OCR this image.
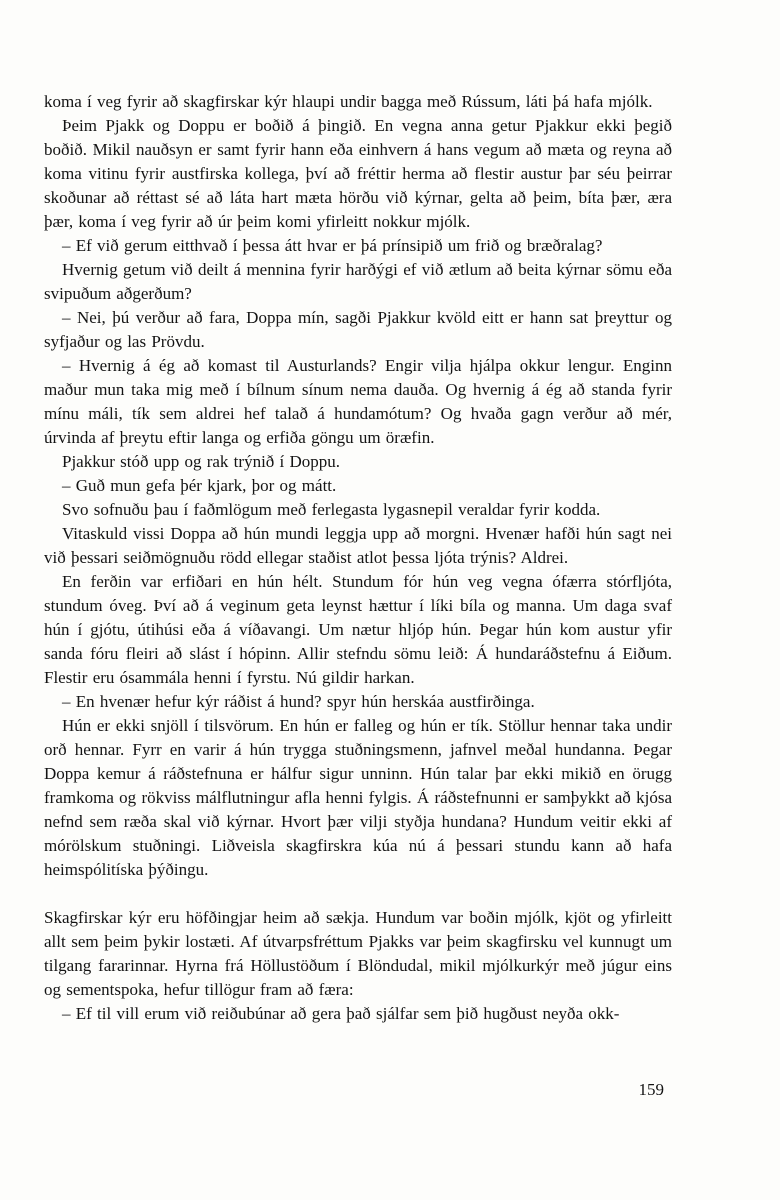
koma í veg fyrir að skagfirskar kýr hlaupi undir bagga með Rússum, láti þá hafa mjólk.

Þeim Pjakk og Doppu er boðið á þingið. En vegna anna getur Pjakkur ekki þegið boðið. Mikil nauðsyn er samt fyrir hann eða einhvern á hans vegum að mæta og reyna að koma vitinu fyrir austfirska kollega, því að fréttir herma að flestir austur þar séu þeirrar skoðunar að réttast sé að láta hart mæta hörðu við kýrnar, gelta að þeim, bíta þær, æra þær, koma í veg fyrir að úr þeim komi yfirleitt nokkur mjólk.

– Ef við gerum eitthvað í þessa átt hvar er þá prínsipið um frið og bræðralag?

Hvernig getum við deilt á mennina fyrir harðýgi ef við ætlum að beita kýrnar sömu eða svipuðum aðgerðum?

– Nei, þú verður að fara, Doppa mín, sagði Pjakkur kvöld eitt er hann sat þreyttur og syfjaður og las Prövdu.

– Hvernig á ég að komast til Austurlands? Engir vilja hjálpa okkur lengur. Enginn maður mun taka mig með í bílnum sínum nema dauða. Og hvernig á ég að standa fyrir mínu máli, tík sem aldrei hef talað á hundamótum? Og hvaða gagn verður að mér, úrvinda af þreytu eftir langa og erfiða göngu um öræfin.

Pjakkur stóð upp og rak trýnið í Doppu.

– Guð mun gefa þér kjark, þor og mátt.

Svo sofnuðu þau í faðmlögum með ferlegasta lygasnepil veraldar fyrir kodda.

Vitaskuld vissi Doppa að hún mundi leggja upp að morgni. Hvenær hafði hún sagt nei við þessari seiðmögnuðu rödd ellegar staðist atlot þessa ljóta trýnis? Aldrei.

En ferðin var erfiðari en hún hélt. Stundum fór hún veg vegna ófærra stórfljóta, stundum óveg. Því að á veginum geta leynst hættur í líki bíla og manna. Um daga svaf hún í gjótu, útihúsi eða á víðavangi. Um nætur hljóp hún. Þegar hún kom austur yfir sanda fóru fleiri að slást í hópinn. Allir stefndu sömu leið: Á hundaráðstefnu á Eiðum. Flestir eru ósammála henni í fyrstu. Nú gildir harkan.

– En hvenær hefur kýr ráðist á hund? spyr hún herskáa austfirðinga.

Hún er ekki snjöll í tilsvörum. En hún er falleg og hún er tík. Stöllur hennar taka undir orð hennar. Fyrr en varir á hún trygga stuðningsmenn, jafnvel meðal hundanna. Þegar Doppa kemur á ráðstefnuna er hálfur sigur unninn. Hún talar þar ekki mikið en örugg framkoma og rökviss málflutningur afla henni fylgis. Á ráðstefnunni er samþykkt að kjósa nefnd sem ræða skal við kýrnar. Hvort þær vilji styðja hundana? Hundum veitir ekki af mórölskum stuðningi. Liðveisla skagfirskra kúa nú á þessari stundu kann að hafa heimspólitíska þýðingu.

Skagfirskar kýr eru höfðingjar heim að sækja. Hundum var boðin mjólk, kjöt og yfirleitt allt sem þeim þykir lostæti. Af útvarpsfréttum Pjakks var þeim skagfirsku vel kunnugt um tilgang fararinnar. Hyrna frá Höllustöðum í Blöndudal, mikil mjólkurkýr með júgur eins og sementspoka, hefur tillögur fram að færa:

– Ef til vill erum við reiðubúnar að gera það sjálfar sem þið hugðust neyða okk-

159
